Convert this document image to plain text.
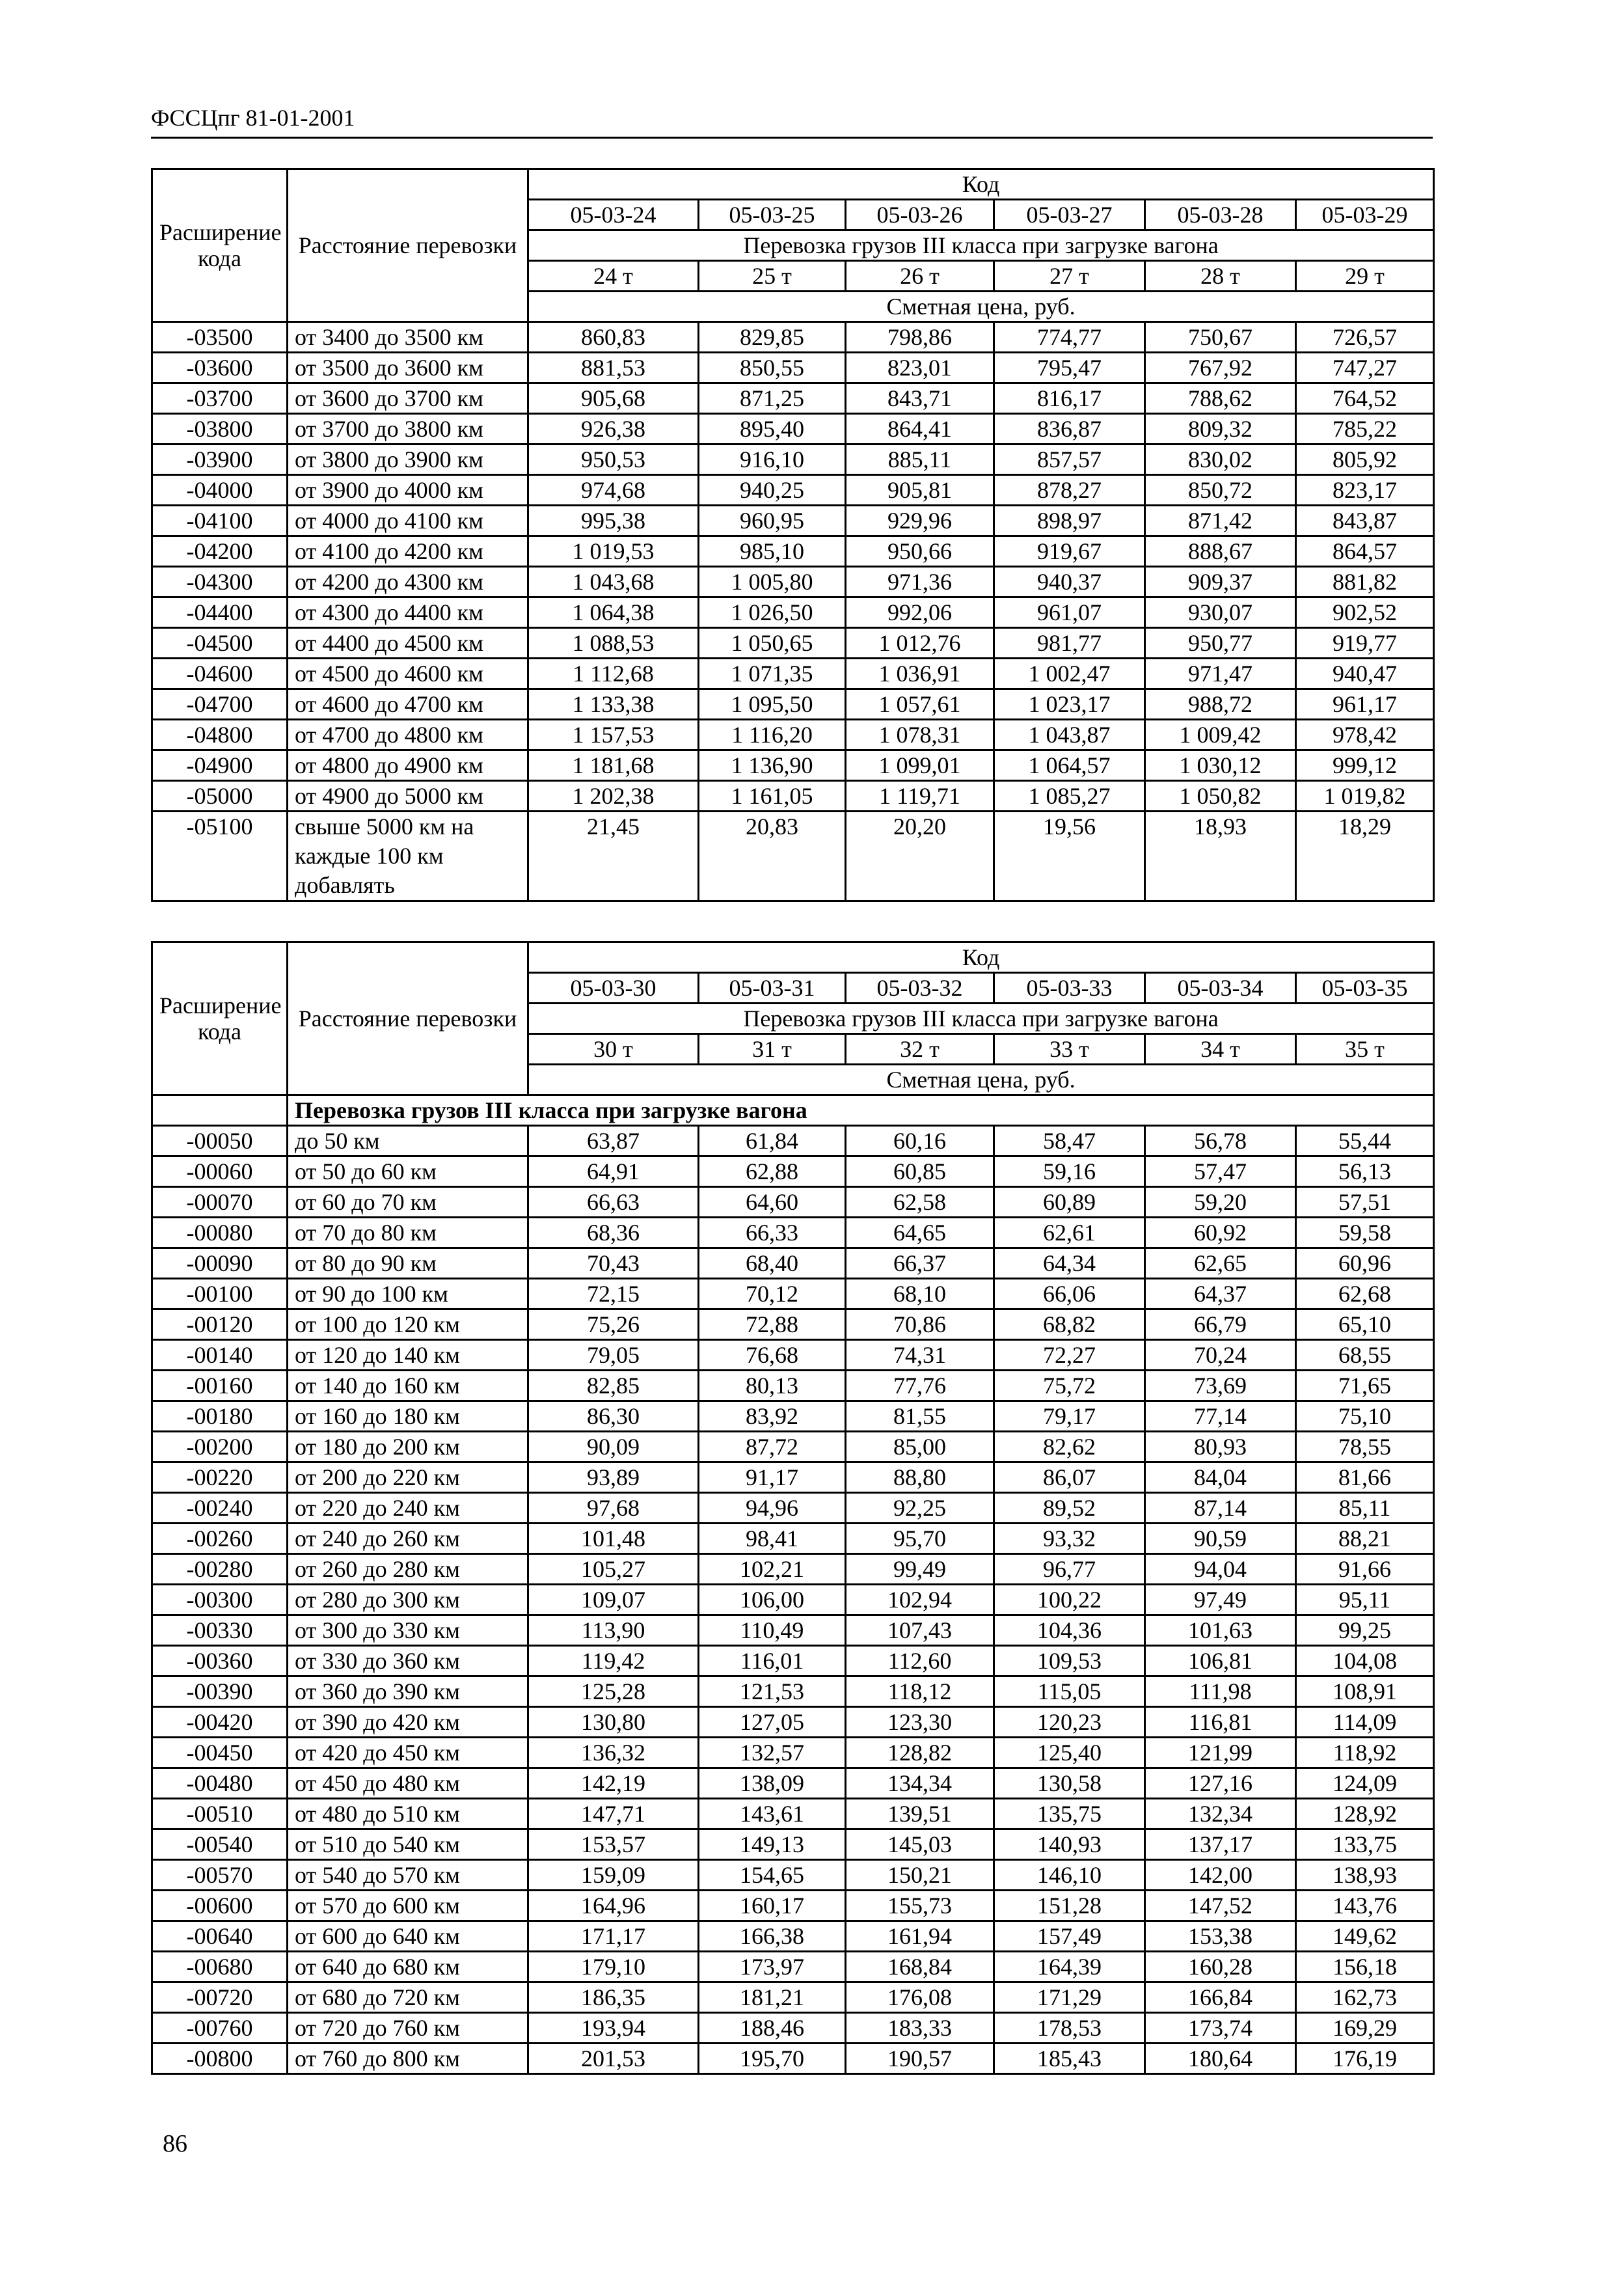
ФССЦпг 81-01-2001
Расширение кода	Расстояние перевозки	Код					
		05-03-24	05-03-25	05-03-26	05-03-27	05-03-28	05-03-29
		Перевозка грузов III класса при загрузке вагона					
		24 т	25 т	26 т	27 т	28 т	29 т
		Сметная цена, руб.					
-03500	от 3400 до 3500 км	860,83	829,85	798,86	774,77	750,67	726,57
-03600	от 3500 до 3600 км	881,53	850,55	823,01	795,47	767,92	747,27
-03700	от 3600 до 3700 км	905,68	871,25	843,71	816,17	788,62	764,52
-03800	от 3700 до 3800 км	926,38	895,40	864,41	836,87	809,32	785,22
-03900	от 3800 до 3900 км	950,53	916,10	885,11	857,57	830,02	805,92
-04000	от 3900 до 4000 км	974,68	940,25	905,81	878,27	850,72	823,17
-04100	от 4000 до 4100 км	995,38	960,95	929,96	898,97	871,42	843,87
-04200	от 4100 до 4200 км	1 019,53	985,10	950,66	919,67	888,67	864,57
-04300	от 4200 до 4300 км	1 043,68	1 005,80	971,36	940,37	909,37	881,82
-04400	от 4300 до 4400 км	1 064,38	1 026,50	992,06	961,07	930,07	902,52
-04500	от 4400 до 4500 км	1 088,53	1 050,65	1 012,76	981,77	950,77	919,77
-04600	от 4500 до 4600 км	1 112,68	1 071,35	1 036,91	1 002,47	971,47	940,47
-04700	от 4600 до 4700 км	1 133,38	1 095,50	1 057,61	1 023,17	988,72	961,17
-04800	от 4700 до 4800 км	1 157,53	1 116,20	1 078,31	1 043,87	1 009,42	978,42
-04900	от 4800 до 4900 км	1 181,68	1 136,90	1 099,01	1 064,57	1 030,12	999,12
-05000	от 4900 до 5000 км	1 202,38	1 161,05	1 119,71	1 085,27	1 050,82	1 019,82
-05100	свыше 5000 км на каждые 100 км добавлять	21,45	20,83	20,20	19,56	18,93	18,29
Расширение кода	Расстояние перевозки	Код					
		05-03-30	05-03-31	05-03-32	05-03-33	05-03-34	05-03-35
		Перевозка грузов III класса при загрузке вагона					
		30 т	31 т	32 т	33 т	34 т	35 т
		Сметная цена, руб.					
	Перевозка грузов III класса при загрузке вагона						
-00050	до 50 км	63,87	61,84	60,16	58,47	56,78	55,44
-00060	от 50 до 60 км	64,91	62,88	60,85	59,16	57,47	56,13
-00070	от 60 до 70 км	66,63	64,60	62,58	60,89	59,20	57,51
-00080	от 70 до 80 км	68,36	66,33	64,65	62,61	60,92	59,58
-00090	от 80 до 90 км	70,43	68,40	66,37	64,34	62,65	60,96
-00100	от 90 до 100 км	72,15	70,12	68,10	66,06	64,37	62,68
-00120	от 100 до 120 км	75,26	72,88	70,86	68,82	66,79	65,10
-00140	от 120 до 140 км	79,05	76,68	74,31	72,27	70,24	68,55
-00160	от 140 до 160 км	82,85	80,13	77,76	75,72	73,69	71,65
-00180	от 160 до 180 км	86,30	83,92	81,55	79,17	77,14	75,10
-00200	от 180 до 200 км	90,09	87,72	85,00	82,62	80,93	78,55
-00220	от 200 до 220 км	93,89	91,17	88,80	86,07	84,04	81,66
-00240	от 220 до 240 км	97,68	94,96	92,25	89,52	87,14	85,11
-00260	от 240 до 260 км	101,48	98,41	95,70	93,32	90,59	88,21
-00280	от 260 до 280 км	105,27	102,21	99,49	96,77	94,04	91,66
-00300	от 280 до 300 км	109,07	106,00	102,94	100,22	97,49	95,11
-00330	от 300 до 330 км	113,90	110,49	107,43	104,36	101,63	99,25
-00360	от 330 до 360 км	119,42	116,01	112,60	109,53	106,81	104,08
-00390	от 360 до 390 км	125,28	121,53	118,12	115,05	111,98	108,91
-00420	от 390 до 420 км	130,80	127,05	123,30	120,23	116,81	114,09
-00450	от 420 до 450 км	136,32	132,57	128,82	125,40	121,99	118,92
-00480	от 450 до 480 км	142,19	138,09	134,34	130,58	127,16	124,09
-00510	от 480 до 510 км	147,71	143,61	139,51	135,75	132,34	128,92
-00540	от 510 до 540 км	153,57	149,13	145,03	140,93	137,17	133,75
-00570	от 540 до 570 км	159,09	154,65	150,21	146,10	142,00	138,93
-00600	от 570 до 600 км	164,96	160,17	155,73	151,28	147,52	143,76
-00640	от 600 до 640 км	171,17	166,38	161,94	157,49	153,38	149,62
-00680	от 640 до 680 км	179,10	173,97	168,84	164,39	160,28	156,18
-00720	от 680 до 720 км	186,35	181,21	176,08	171,29	166,84	162,73
-00760	от 720 до 760 км	193,94	188,46	183,33	178,53	173,74	169,29
-00800	от 760 до 800 км	201,53	195,70	190,57	185,43	180,64	176,19
86
